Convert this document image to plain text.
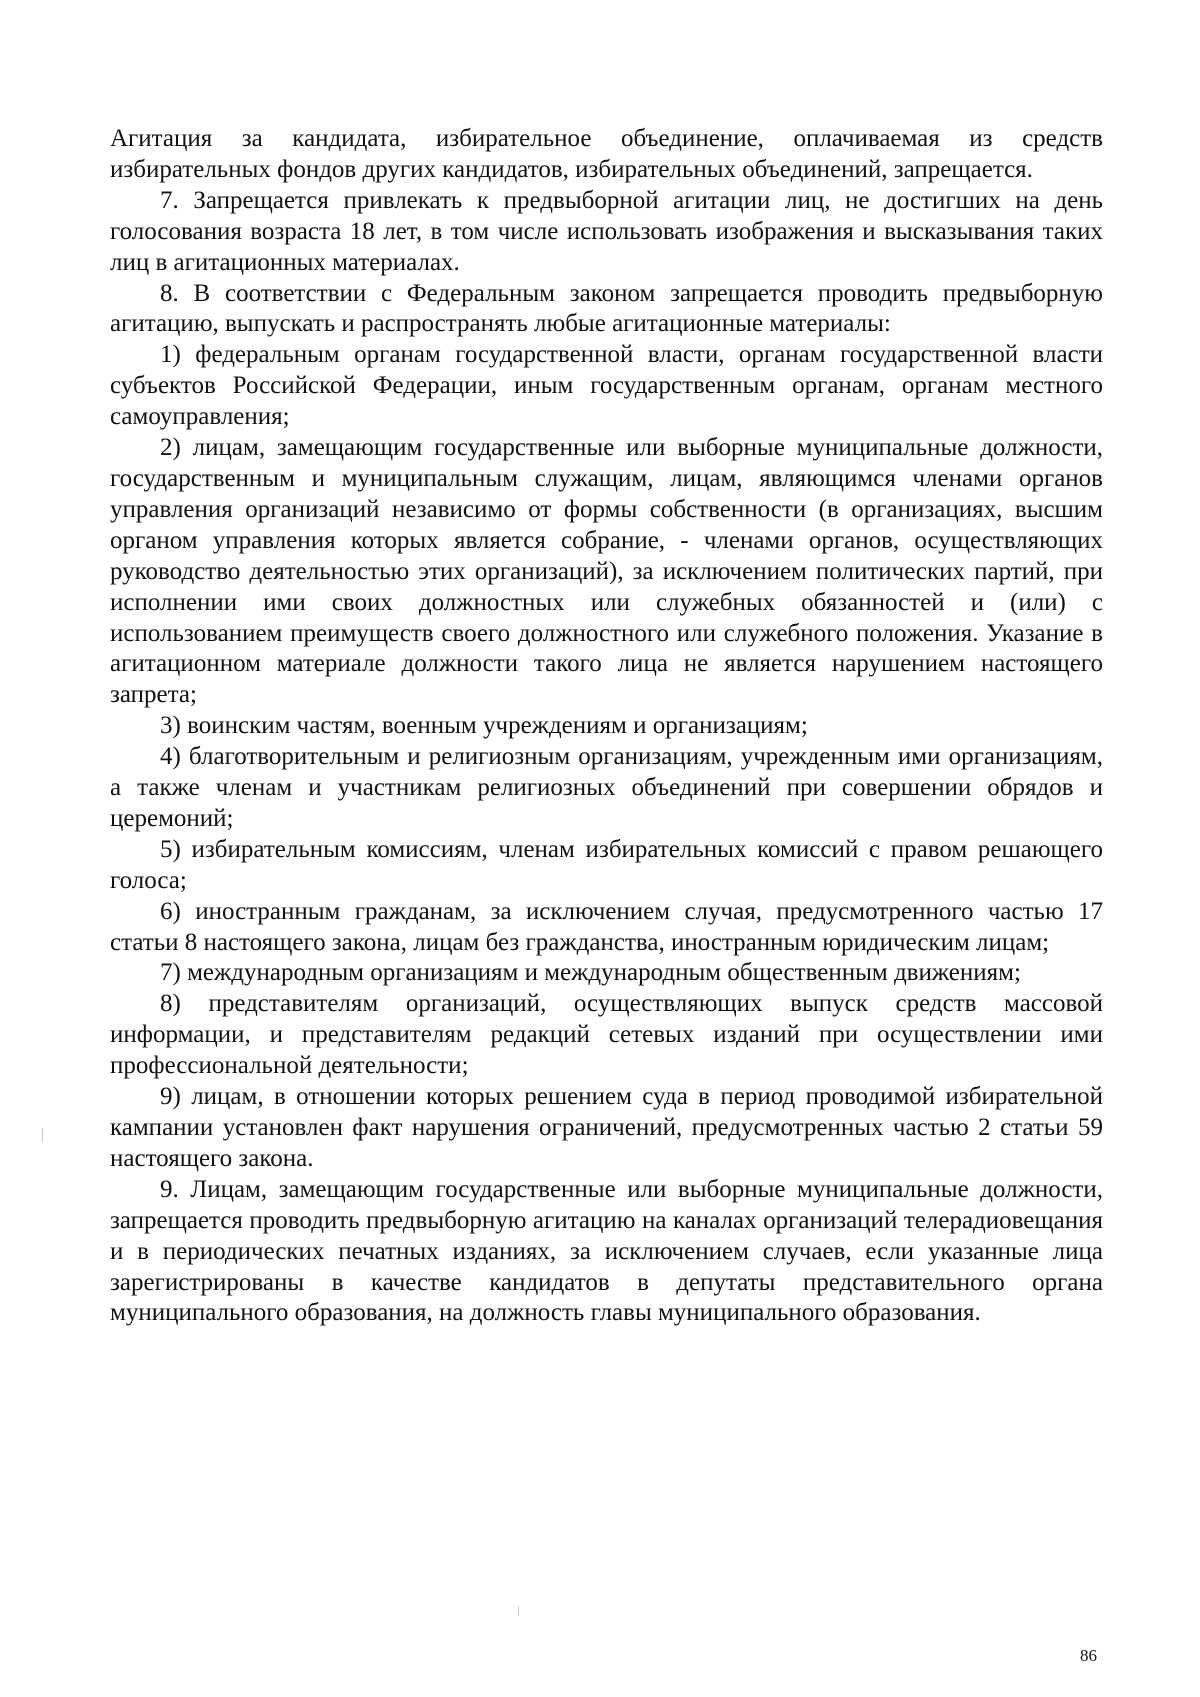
Агитация за кандидата, избирательное объединение, оплачиваемая из средств избирательных фондов других кандидатов, избирательных объединений, запрещается.

7. Запрещается привлекать к предвыборной агитации лиц, не достигших на день голосования возраста 18 лет, в том числе использовать изображения и высказывания таких лиц в агитационных материалах.

8. В соответствии с Федеральным законом запрещается проводить предвыборную агитацию, выпускать и распространять любые агитационные материалы:

1) федеральным органам государственной власти, органам государственной власти субъектов Российской Федерации, иным государственным органам, органам местного самоуправления;

2) лицам, замещающим государственные или выборные муниципальные должности, государственным и муниципальным служащим, лицам, являющимся членами органов управления организаций независимо от формы собственности (в организациях, высшим органом управления которых является собрание, - членами органов, осуществляющих руководство деятельностью этих организаций), за исключением политических партий, при исполнении ими своих должностных или служебных обязанностей и (или) с использованием преимуществ своего должностного или служебного положения. Указание в агитационном материале должности такого лица не является нарушением настоящего запрета;

3) воинским частям, военным учреждениям и организациям;

4) благотворительным и религиозным организациям, учрежденным ими организациям, а также членам и участникам религиозных объединений при совершении обрядов и церемоний;

5) избирательным комиссиям, членам избирательных комиссий с правом решающего голоса;

6) иностранным гражданам, за исключением случая, предусмотренного частью 17 статьи 8 настоящего закона, лицам без гражданства, иностранным юридическим лицам;

7) международным организациям и международным общественным движениям;

8) представителям организаций, осуществляющих выпуск средств массовой информации, и представителям редакций сетевых изданий при осуществлении ими профессиональной деятельности;

9) лицам, в отношении которых решением суда в период проводимой избирательной кампании установлен факт нарушения ограничений, предусмотренных частью 2 статьи 59 настоящего закона.

9. Лицам, замещающим государственные или выборные муниципальные должности, запрещается проводить предвыборную агитацию на каналах организаций телерадиовещания и в периодических печатных изданиях, за исключением случаев, если указанные лица зарегистрированы в качестве кандидатов в депутаты представительного органа муниципального образования, на должность главы муниципального образования.

86
